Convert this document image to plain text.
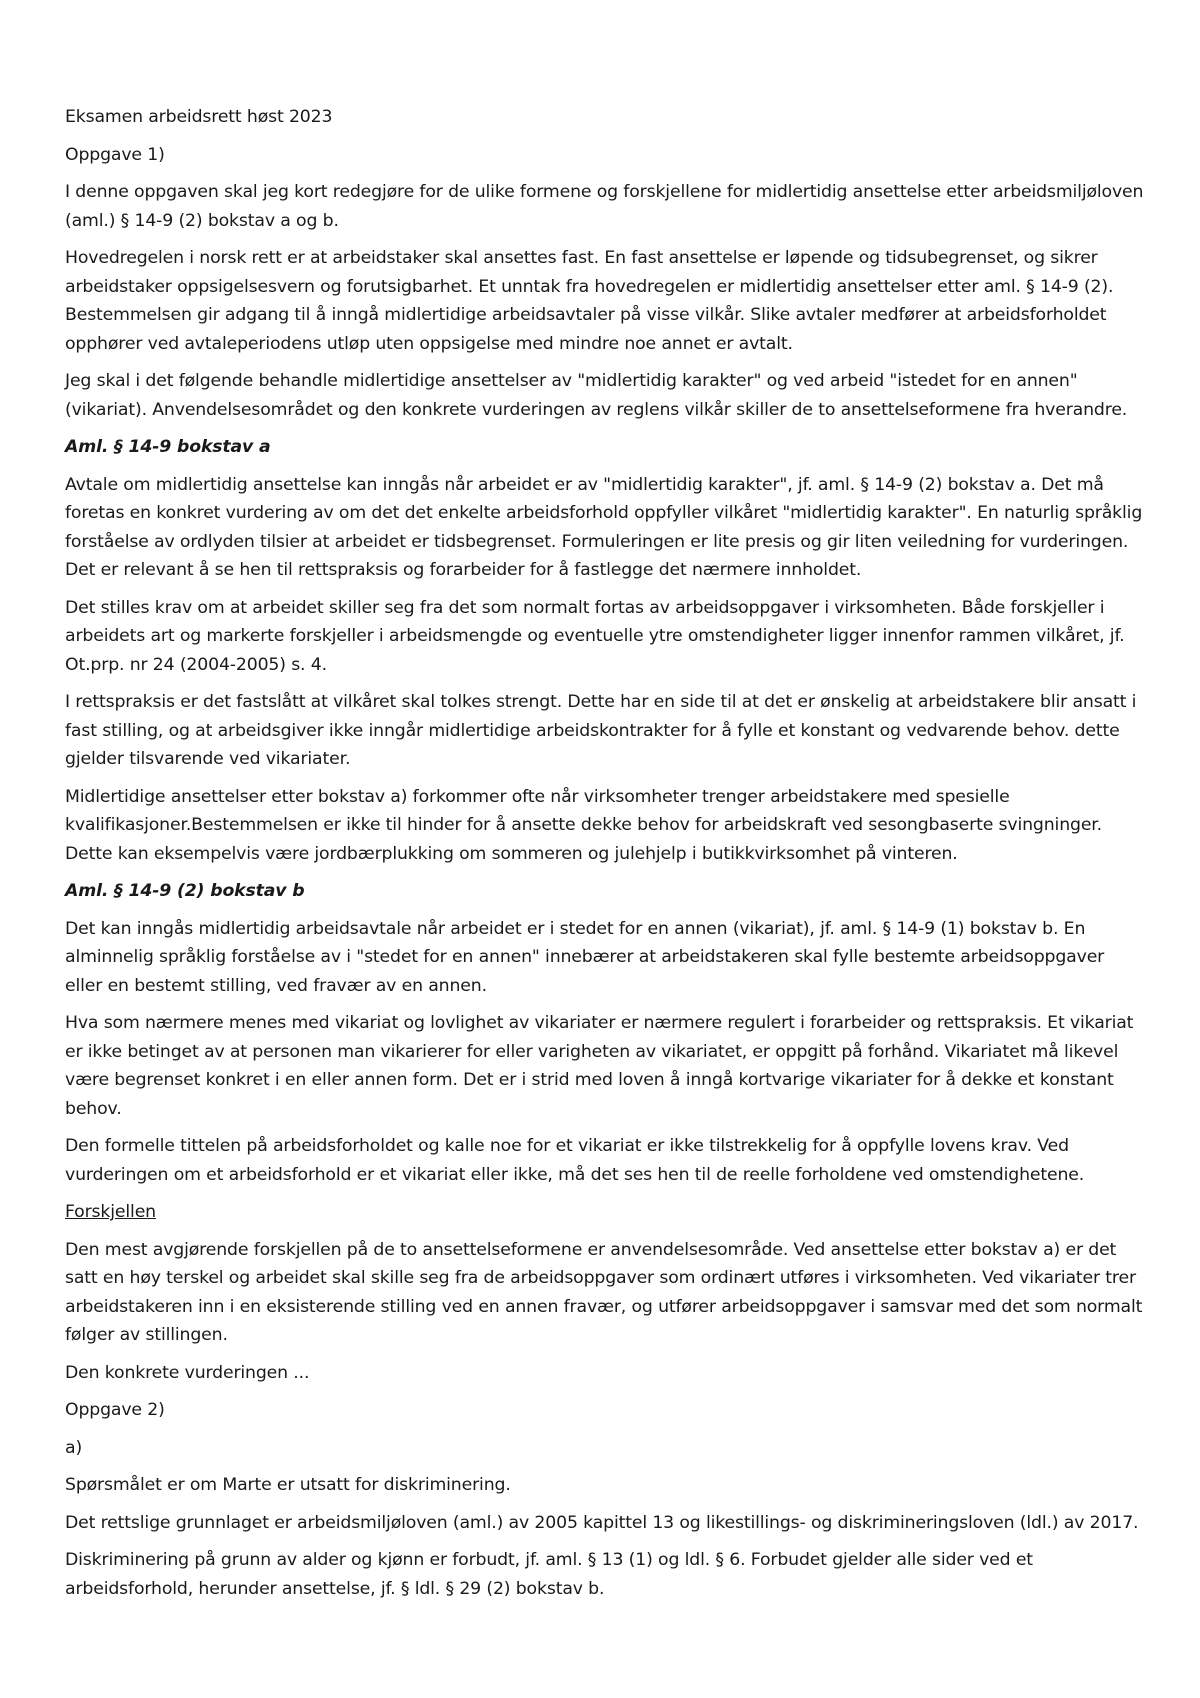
Eksamen arbeidsrett høst 2023

Oppgave 1)

I denne oppgaven skal jeg kort redegjøre for de ulike formene og forskjellene for midlertidig ansettelse etter arbeidsmiljøloven (aml.) § 14-9 (2) bokstav a og b.

Hovedregelen i norsk rett er at arbeidstaker skal ansettes fast. En fast ansettelse er løpende og tidsubegrenset, og sikrer arbeidstaker oppsigelsesvern og forutsigbarhet. Et unntak fra hovedregelen er midlertidig ansettelser etter aml. § 14-9 (2). Bestemmelsen gir adgang til å inngå midlertidige arbeidsavtaler på visse vilkår. Slike avtaler medfører at arbeidsforholdet opphører ved avtaleperiodens utløp uten oppsigelse med mindre noe annet er avtalt.

Jeg skal i det følgende behandle midlertidige ansettelser av "midlertidig karakter" og ved arbeid "istedet for en annen" (vikariat). Anvendelsesområdet og den konkrete vurderingen av reglens vilkår skiller de to ansettelseformene fra hverandre.

Aml. § 14-9 bokstav a

Avtale om midlertidig ansettelse kan inngås når arbeidet er av "midlertidig karakter", jf. aml. § 14-9 (2) bokstav a. Det må foretas en konkret vurdering av om det det enkelte arbeidsforhold oppfyller vilkåret "midlertidig karakter". En naturlig språklig forståelse av ordlyden tilsier at arbeidet er tidsbegrenset. Formuleringen er lite presis og gir liten veiledning for vurderingen. Det er relevant å se hen til rettspraksis og forarbeider for å fastlegge det nærmere innholdet.

Det stilles krav om at arbeidet skiller seg fra det som normalt fortas av arbeidsoppgaver i virksomheten. Både forskjeller i arbeidets art og markerte forskjeller i arbeidsmengde og eventuelle ytre omstendigheter ligger innenfor rammen vilkåret, jf. Ot.prp. nr 24 (2004-2005) s. 4.

I rettspraksis er det fastslått at vilkåret skal tolkes strengt. Dette har en side til at det er ønskelig at arbeidstakere blir ansatt i fast stilling, og at arbeidsgiver ikke inngår midlertidige arbeidskontrakter for å fylle et konstant og vedvarende behov. dette gjelder tilsvarende ved vikariater.

Midlertidige ansettelser etter bokstav a) forkommer ofte når virksomheter trenger arbeidstakere med spesielle kvalifikasjoner.Bestemmelsen er ikke til hinder for å ansette dekke behov for arbeidskraft ved sesongbaserte svingninger. Dette kan eksempelvis være jordbærplukking om sommeren og julehjelp i butikkvirksomhet på vinteren.

Aml. § 14-9 (2) bokstav b

Det kan inngås midlertidig arbeidsavtale når arbeidet er i stedet for en annen (vikariat), jf. aml. § 14-9 (1) bokstav b. En alminnelig språklig forståelse av i "stedet for en annen" innebærer at arbeidstakeren skal fylle bestemte arbeidsoppgaver eller en bestemt stilling, ved fravær av en annen.

Hva som nærmere menes med vikariat og lovlighet av vikariater er nærmere regulert i forarbeider og rettspraksis. Et vikariat er ikke betinget av at personen man vikarierer for eller varigheten av vikariatet, er oppgitt på forhånd. Vikariatet må likevel være begrenset konkret i en eller annen form. Det er i strid med loven å inngå kortvarige vikariater for å dekke et konstant behov.

Den formelle tittelen på arbeidsforholdet og kalle noe for et vikariat er ikke tilstrekkelig for å oppfylle lovens krav. Ved vurderingen om et arbeidsforhold er et vikariat eller ikke, må det ses hen til de reelle forholdene ved omstendighetene.

Forskjellen

Den mest avgjørende forskjellen på de to ansettelseformene er anvendelsesområde. Ved ansettelse etter bokstav a) er det satt en høy terskel og arbeidet skal skille seg fra de arbeidsoppgaver som ordinært utføres i virksomheten. Ved vikariater trer arbeidstakeren inn i en eksisterende stilling ved en annen fravær, og utfører arbeidsoppgaver i samsvar med det som normalt følger av stillingen.

Den konkrete vurderingen ...

Oppgave 2)

a)

Spørsmålet er om Marte er utsatt for diskriminering.

Det rettslige grunnlaget er arbeidsmiljøloven (aml.) av 2005 kapittel 13 og likestillings- og diskrimineringsloven (ldl.) av 2017.

Diskriminering på grunn av alder og kjønn er forbudt, jf. aml. § 13 (1) og ldl. § 6. Forbudet gjelder alle sider ved et arbeidsforhold, herunder ansettelse, jf. § ldl. § 29 (2) bokstav b.
